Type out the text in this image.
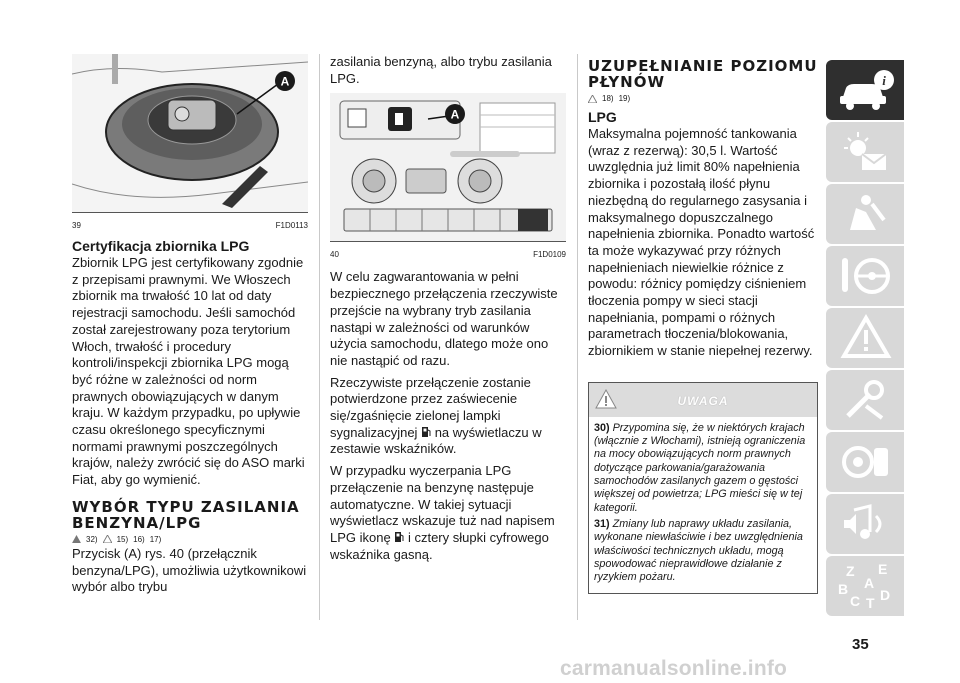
A
39	F1D0113
Certyfikacja zbiornika LPG

Zbiornik LPG jest certyfikowany zgodnie z przepisami prawnymi. We Włoszech zbiornik ma trwałość 10 lat od daty rejestracji samochodu. Jeśli samochód został zarejestrowany poza terytorium Włoch, trwałość i procedury kontroli/inspekcji zbiornika LPG mogą być różne w zależności od norm prawnych obowiązujących w danym kraju. W każdym przypadku, po upływie czasu określonego specyficznymi normami prawnymi poszczególnych krajów, należy zwrócić się do ASO marki Fiat, aby go wymienić.

WYBÓR TYPU ZASILANIA BENZYNA/LPG
32) 15) 16) 17)

Przycisk (A) rys. 40 (przełącznik benzyna/LPG), umożliwia użytkownikowi wybór albo trybu

zasilania benzyną, albo trybu zasilania LPG.

A
40	F1D0109

W celu zagwarantowania w pełni bezpiecznego przełączenia rzeczywiste przejście na wybrany tryb zasilania nastąpi w zależności od warunków użycia samochodu, dlatego może ono nie nastąpić od razu.

Rzeczywiste przełączenie zostanie potwierdzone przez zaświecenie się/zgaśnięcie zielonej lampki sygnalizacyjnej na wyświetlaczu w zestawie wskaźników.

W przypadku wyczerpania LPG przełączenie na benzynę następuje automatyczne. W takiej sytuacji wyświetlacz wskazuje tuż nad napisem LPG ikonę i cztery słupki cyfrowego wskaźnika gasną.

UZUPEŁNIANIE POZIOMU PŁYNÓW
18) 19)
LPG

Maksymalna pojemność tankowania (wraz z rezerwą): 30,5 l. Wartość uwzględnia już limit 80% napełnienia zbiornika i pozostałą ilość płynu niezbędną do regularnego zasysania i maksymalnego dopuszczalnego napełnienia zbiornika. Ponadto wartość ta może wykazywać przy różnych napełnieniach niewielkie różnice z powodu: różnicy pomiędzy ciśnieniem tłoczenia pompy w sieci stacji napełniania, pompami o różnych parametrach tłoczenia/blokowania, zbiornikiem w stanie niepełnej rezerwy.

UWAGA

30) Przypomina się, że w niektórych krajach (włącznie z Włochami), istnieją ograniczenia na mocy obowiązujących norm prawnych dotyczące parkowania/garażowania samochodów zasilanych gazem o gęstości większej od powietrza; LPG mieści się w tej kategorii.

31) Zmiany lub naprawy układu zasilania, wykonane niewłaściwie i bez uwzględnienia właściwości technicznych układu, mogą spowodować nieprawidłowe działanie z ryzykiem pożaru.

i
Z E
A
B
C T D
35
carmanualsonline.info
